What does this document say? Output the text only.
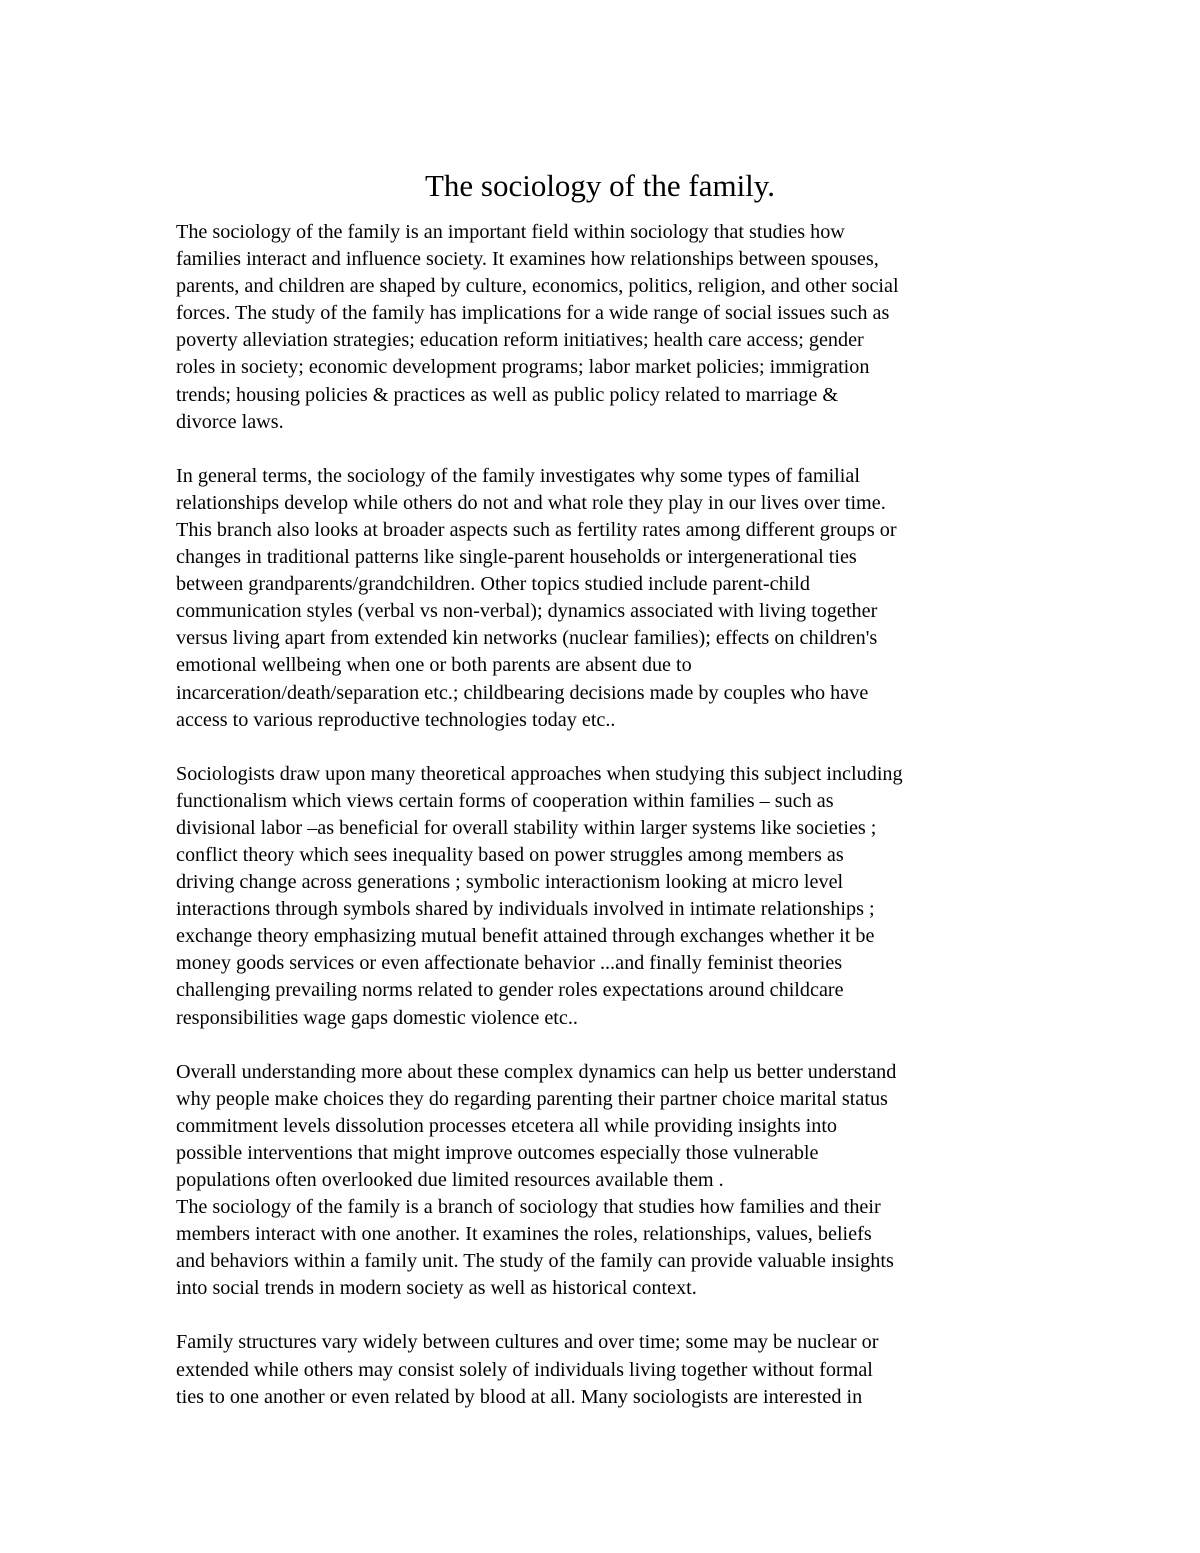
The sociology of the family.

The sociology of the family is an important field within sociology that studies how
families interact and influence society. It examines how relationships between spouses,
parents, and children are shaped by culture, economics, politics, religion, and other social
forces. The study of the family has implications for a wide range of social issues such as
poverty alleviation strategies; education reform initiatives; health care access; gender
roles in society; economic development programs; labor market policies; immigration
trends; housing policies & practices as well as public policy related to marriage &
divorce laws.

In general terms, the sociology of the family investigates why some types of familial
relationships develop while others do not and what role they play in our lives over time.
This branch also looks at broader aspects such as fertility rates among different groups or
changes in traditional patterns like single-parent households or intergenerational ties
between grandparents/grandchildren. Other topics studied include parent-child
communication styles (verbal vs non-verbal); dynamics associated with living together
versus living apart from extended kin networks (nuclear families); effects on children's
emotional wellbeing when one or both parents are absent due to
incarceration/death/separation etc.; childbearing decisions made by couples who have
access to various reproductive technologies today etc..

Sociologists draw upon many theoretical approaches when studying this subject including
functionalism which views certain forms of cooperation within families – such as
divisional labor –as beneficial for overall stability within larger systems like societies ;
conflict theory which sees inequality based on power struggles among members as
driving change across generations ; symbolic interactionism looking at micro level
interactions through symbols shared by individuals involved in intimate relationships ;
exchange theory emphasizing mutual benefit attained through exchanges whether it be
money goods services or even affectionate behavior ...and finally feminist theories
challenging prevailing norms related to gender roles expectations around childcare
responsibilities wage gaps domestic violence etc..

Overall understanding more about these complex dynamics can help us better understand
why people make choices they do regarding parenting their partner choice marital status
commitment levels dissolution processes etcetera all while providing insights into
possible interventions that might improve outcomes especially those vulnerable
populations often overlooked due limited resources available them .

The sociology of the family is a branch of sociology that studies how families and their
members interact with one another. It examines the roles, relationships, values, beliefs
and behaviors within a family unit. The study of the family can provide valuable insights
into social trends in modern society as well as historical context.

Family structures vary widely between cultures and over time; some may be nuclear or
extended while others may consist solely of individuals living together without formal
ties to one another or even related by blood at all. Many sociologists are interested in
